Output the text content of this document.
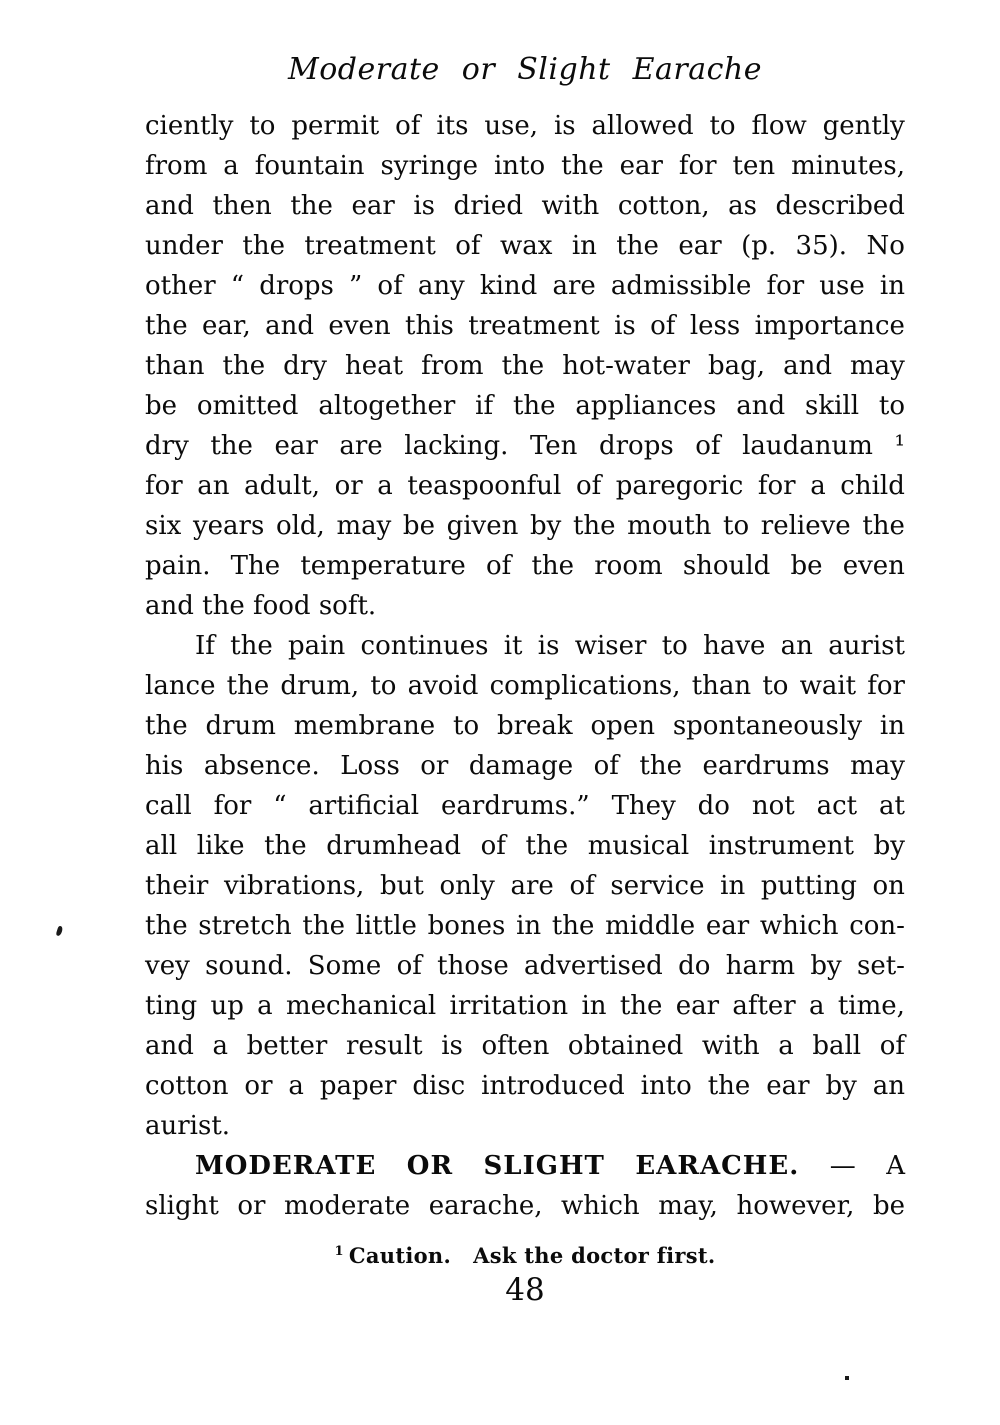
Moderate or Slight Earache
ciently to permit of its use, is allowed to flow gently
from a fountain syringe into the ear for ten minutes,
and then the ear is dried with cotton, as described
under the treatment of wax in the ear (p. 35). No
other “ drops ” of any kind are admissible for use in
the ear, and even this treatment is of less importance
than the dry heat from the hot-water bag, and may
be omitted altogether if the appliances and skill to
dry the ear are lacking. Ten drops of laudanum ¹
for an adult, or a teaspoonful of paregoric for a child
six years old, may be given by the mouth to relieve the
pain. The temperature of the room should be even
and the food soft.
If the pain continues it is wiser to have an aurist
lance the drum, to avoid complications, than to wait for
the drum membrane to break open spontaneously in
his absence. Loss or damage of the eardrums may
call for “ artificial eardrums.” They do not act at
all like the drumhead of the musical instrument by
their vibrations, but only are of service in putting on
the stretch the little bones in the middle ear which con-
vey sound. Some of those advertised do harm by set-
ting up a mechanical irritation in the ear after a time,
and a better result is often obtained with a ball of
cotton or a paper disc introduced into the ear by an
aurist.
MODERATE OR SLIGHT EARACHE. — A
slight or moderate earache, which may, however, be
$^1$ Caution. Ask the doctor first.
48
